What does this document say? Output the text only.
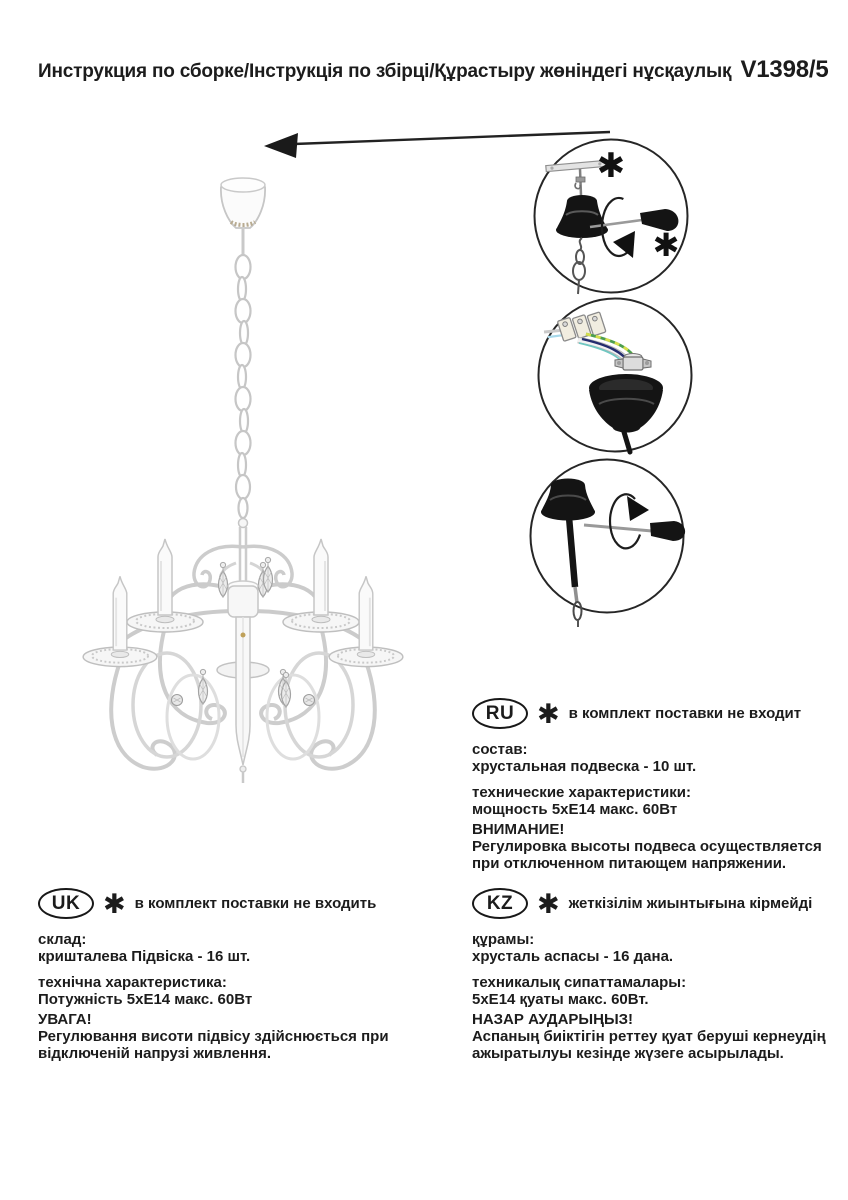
Инструкция по сборке/Інструкція по збірці/Құрастыру жөніндегі нұсқаулық V1398/5
✱
✱
RU ✱ в комплект поставки не входит
состав:
хрустальная подвеска - 10 шт.
технические характеристики:
мощность 5хЕ14 макс. 60Вт
ВНИМАНИЕ!
Регулировка высоты подвеса осуществляется при отключенном питающем напряжении.
UK ✱ в комплект поставки не входить
склад:
кришталева Підвіска - 16 шт.
технічна характеристика:
Потужність 5хЕ14 макс. 60Вт
УВАГА!
Регулювання висоти підвісу здійснюється при відключеній напрузі живлення.
KZ ✱ жеткізілім жиынтығына кірмейді
құрамы:
хрусталь аспасы - 16 дана.
техникалық сипаттамалары:
5хЕ14 қуаты макс. 60Вт.
НАЗАР АУДАРЫҢЫЗ!
Аспаның биіктігін реттеу қуат беруші кернеудің ажыратылуы кезінде жүзеге асырылады.
